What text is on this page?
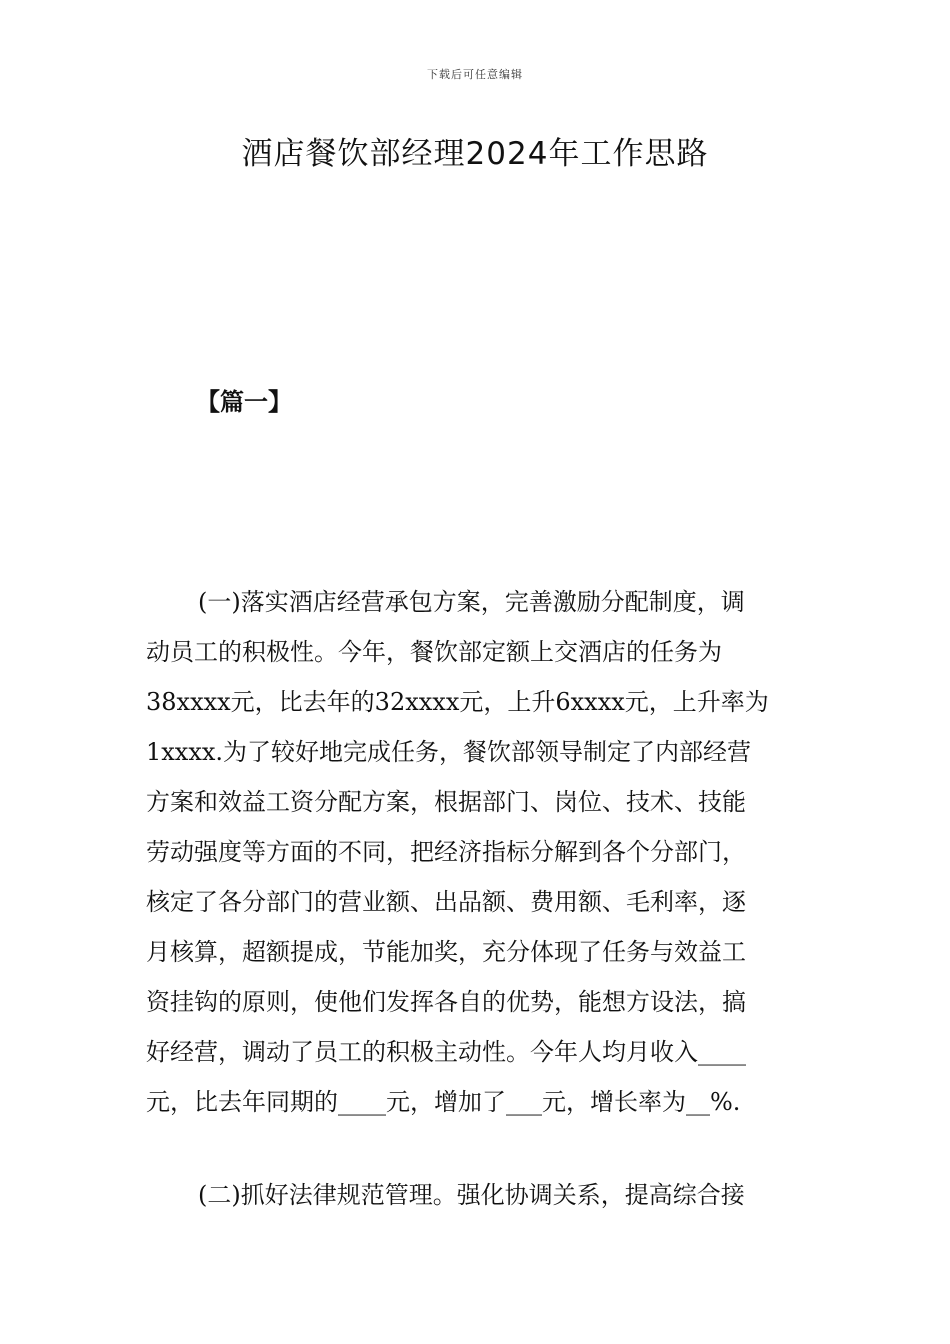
下载后可任意编辑
酒店餐饮部经理2024年工作思路
【篇一】
(一)落实酒店经营承包方案，完善激励分配制度，调
动员工的积极性。今年，餐饮部定额上交酒店的任务为
38xxxx元，比去年的32xxxx元，上升6xxxx元，上升率为
1xxxx.为了较好地完成任务，餐饮部领导制定了内部经营
方案和效益工资分配方案，根据部门、岗位、技术、技能
劳动强度等方面的不同，把经济指标分解到各个分部门，
核定了各分部门的营业额、出品额、费用额、毛利率，逐
月核算，超额提成，节能加奖，充分体现了任务与效益工
资挂钩的原则，使他们发挥各自的优势，能想方设法，搞
好经营，调动了员工的积极主动性。今年人均月收入____
元，比去年同期的____元，增加了___元，增长率为__%.
(二)抓好法律规范管理。强化协调关系，提高综合接
